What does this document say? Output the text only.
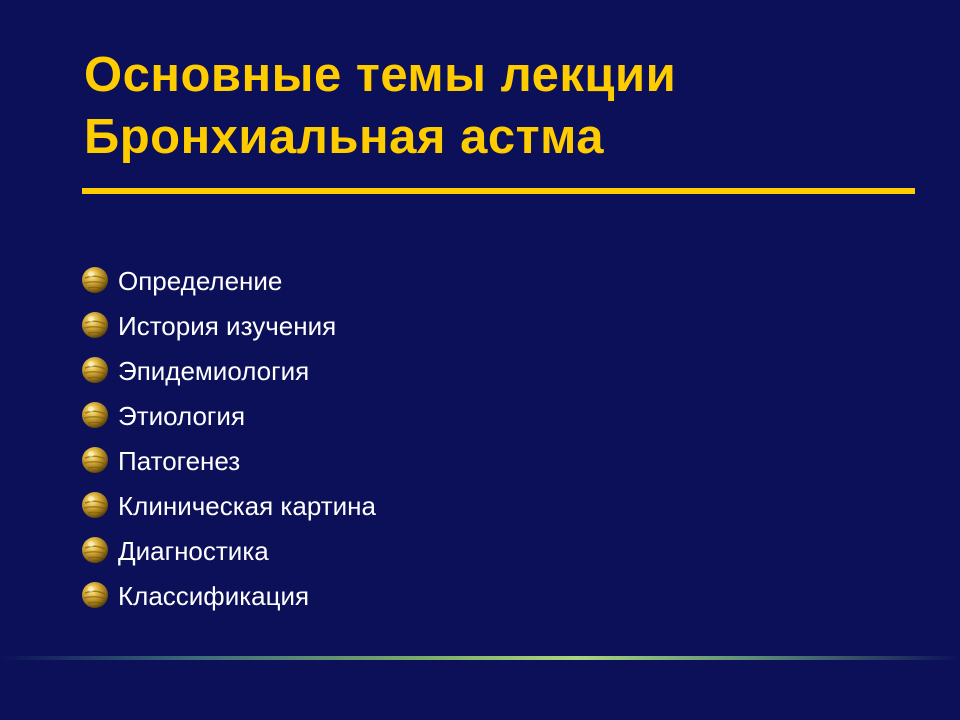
Основные темы лекции
Бронхиальная астма
Определение
История изучения
Эпидемиология
Этиология
Патогенез
Клиническая картина
Диагностика
Классификация
